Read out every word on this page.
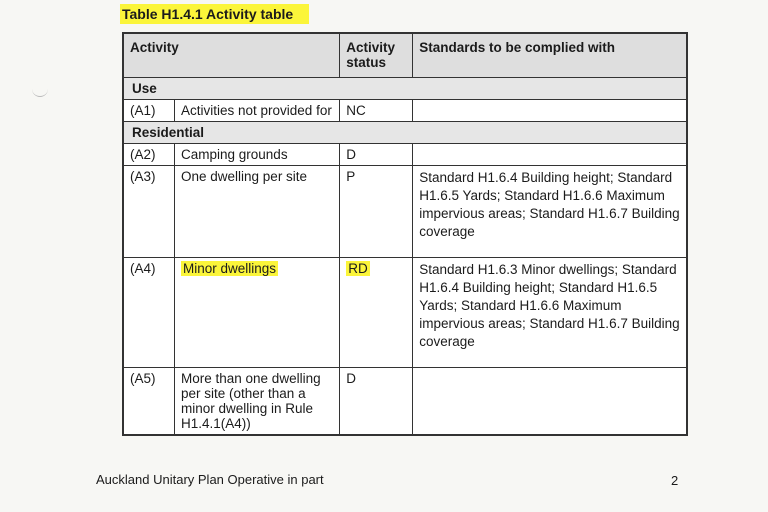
Table H1.4.1 Activity table
Activity		Activity status	Standards to be complied with
Use			
(A1)	Activities not provided for	NC	
Residential			
(A2)	Camping grounds	D	
(A3)	One dwelling per site	P	Standard H1.6.4 Building height; Standard H1.6.5 Yards; Standard H1.6.6 Maximum impervious areas; Standard H1.6.7 Building coverage
(A4)	Minor dwellings	RD	Standard H1.6.3 Minor dwellings; Standard H1.6.4 Building height; Standard H1.6.5 Yards; Standard H1.6.6 Maximum impervious areas; Standard H1.6.7 Building coverage
(A5)	More than one dwelling per site (other than a minor dwelling in Rule H1.4.1(A4))	D	
Auckland Unitary Plan Operative in part	2
